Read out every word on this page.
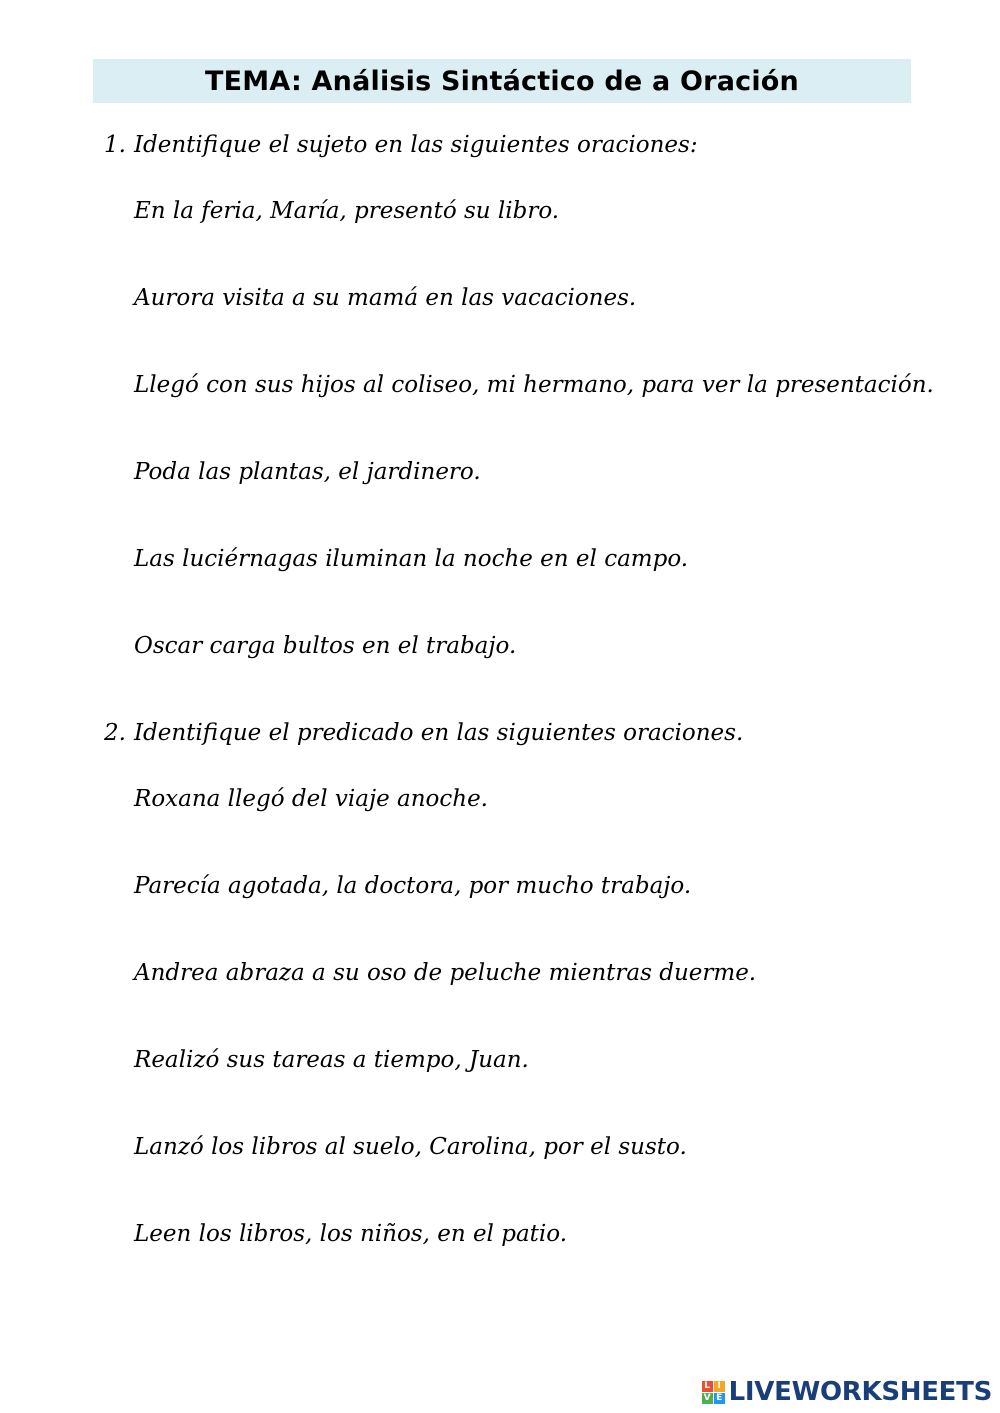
TEMA: Análisis Sintáctico de a Oración
1. Identifique el sujeto en las siguientes oraciones:
En la feria, María, presentó su libro.
Aurora visita a su mamá en las vacaciones.
Llegó con sus hijos al coliseo, mi hermano, para ver la presentación.
Poda las plantas, el jardinero.
Las luciérnagas iluminan la noche en el campo.
Oscar carga bultos en el trabajo.
2. Identifique el predicado en las siguientes oraciones.
Roxana llegó del viaje anoche.
Parecía agotada, la doctora, por mucho trabajo.
Andrea abraza a su oso de peluche mientras duerme.
Realizó sus tareas a tiempo, Juan.
Lanzó los libros al suelo, Carolina, por el susto.
Leen los libros, los niños, en el patio.
L I
V E LIVEWORKSHEETS
